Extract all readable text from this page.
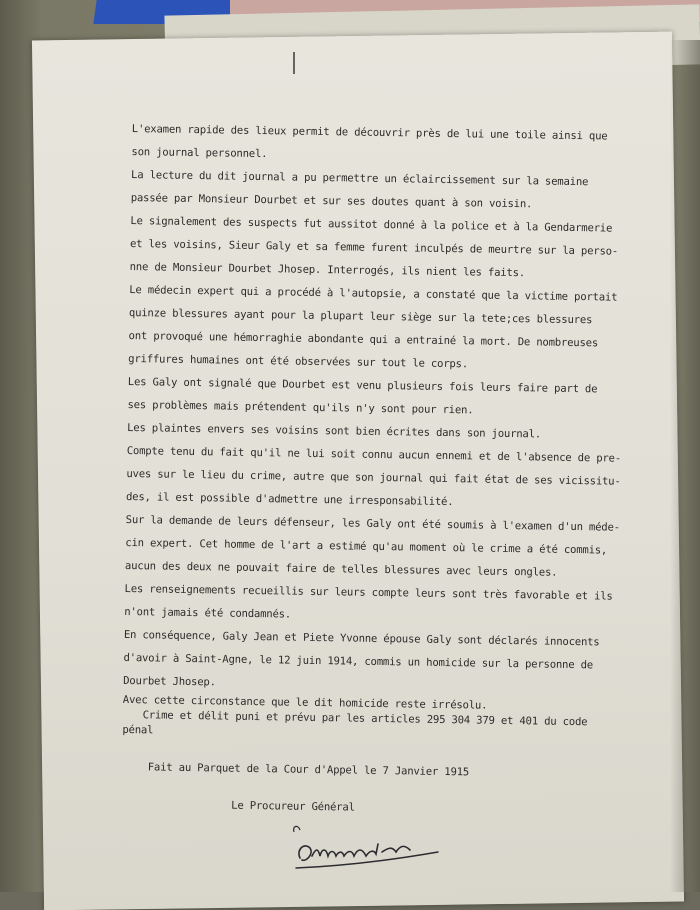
L'examen rapide des lieux permit de découvrir près de lui une toile ainsi que
son journal personnel.
La lecture du dit journal a pu permettre un éclaircissement sur la semaine
passée par Monsieur Dourbet et sur ses doutes quant à son voisin.
Le signalement des suspects fut aussitot donné à la police et à la Gendarmerie
et les voisins, Sieur Galy et sa femme furent inculpés de meurtre sur la perso-
nne de Monsieur Dourbet Jhosep. Interrogés, ils nient les faits.
Le médecin expert qui a procédé à l'autopsie, a constaté que la victime portait
quinze blessures ayant pour la plupart leur siège sur la tete;ces blessures
ont provoqué une hémorraghie abondante qui a entrainé la mort. De nombreuses
griffures humaines ont été observées sur tout le corps.
Les Galy ont signalé que Dourbet est venu plusieurs fois leurs faire part de
ses problèmes mais prétendent qu'ils n'y sont pour rien.
Les plaintes envers ses voisins sont bien écrites dans son journal.
Compte tenu du fait qu'il ne lui soit connu aucun ennemi et de l'absence de pre-
uves sur le lieu du crime, autre que son journal qui fait état de ses vicissitu-
des, il est possible d'admettre une irresponsabilité.
Sur la demande de leurs défenseur, les Galy ont été soumis à l'examen d'un méde-
cin expert. Cet homme de l'art a estimé qu'au moment où le crime a été commis,
aucun des deux ne pouvait faire de telles blessures avec leurs ongles.
Les renseignements recueillis sur leurs compte leurs sont très favorable et ils
n'ont jamais été condamnés.
En conséquence, Galy Jean et Piete Yvonne épouse Galy sont déclarés innocents
d'avoir à Saint-Agne, le 12 juin 1914, commis un homicide sur la personne de
Dourbet Jhosep.
Avec cette circonstance que le dit homicide reste irrésolu.
Crime et délit puni et prévu par les articles 295 304 379 et 401 du code
pénal
Fait au Parquet de la Cour d'Appel le 7 Janvier 1915
Le Procureur Général
